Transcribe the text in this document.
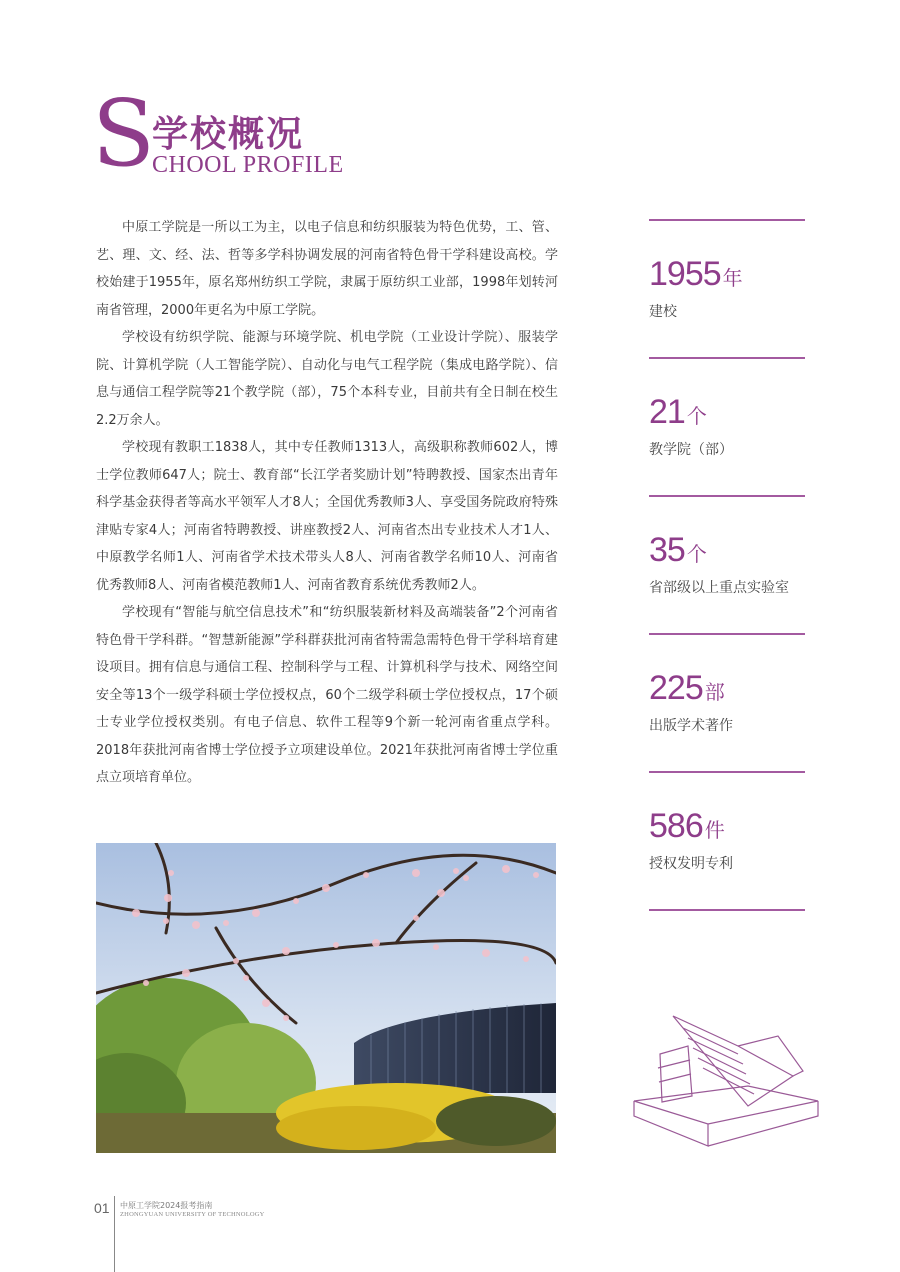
S
学校概况
CHOOL PROFILE

中原工学院是一所以工为主，以电子信息和纺织服装为特色优势，工、管、艺、理、文、经、法、哲等多学科协调发展的河南省特色骨干学科建设高校。学校始建于1955年，原名郑州纺织工学院，隶属于原纺织工业部，1998年划转河南省管理，2000年更名为中原工学院。

学校设有纺织学院、能源与环境学院、机电学院（工业设计学院）、服装学院、计算机学院（人工智能学院）、自动化与电气工程学院（集成电路学院）、信息与通信工程学院等21个教学院（部），75个本科专业，目前共有全日制在校生2.2万余人。

学校现有教职工1838人，其中专任教师1313人，高级职称教师602人，博士学位教师647人；院士、教育部“长江学者奖励计划”特聘教授、国家杰出青年科学基金获得者等高水平领军人才8人；全国优秀教师3人、享受国务院政府特殊津贴专家4人；河南省特聘教授、讲座教授2人、河南省杰出专业技术人才1人、中原教学名师1人、河南省学术技术带头人8人、河南省教学名师10人、河南省优秀教师8人、河南省模范教师1人、河南省教育系统优秀教师2人。

学校现有“智能与航空信息技术”和“纺织服装新材料及高端装备”2个河南省特色骨干学科群。“智慧新能源”学科群获批河南省特需急需特色骨干学科培育建设项目。拥有信息与通信工程、控制科学与工程、计算机科学与技术、网络空间安全等13个一级学科硕士学位授权点，60个二级学科硕士学位授权点，17个硕士专业学位授权类别。有电子信息、软件工程等9个新一轮河南省重点学科。2018年获批河南省博士学位授予立项建设单位。2021年获批河南省博士学位重点立项培育单位。

1955 年
建校
21 个
教学院（部）
35 个
省部级以上重点实验室
225 部
出版学术著作
586 件
授权发明专利
01 中原工学院2024报考指南
ZHONGYUAN UNIVERSITY OF TECHNOLOGY
